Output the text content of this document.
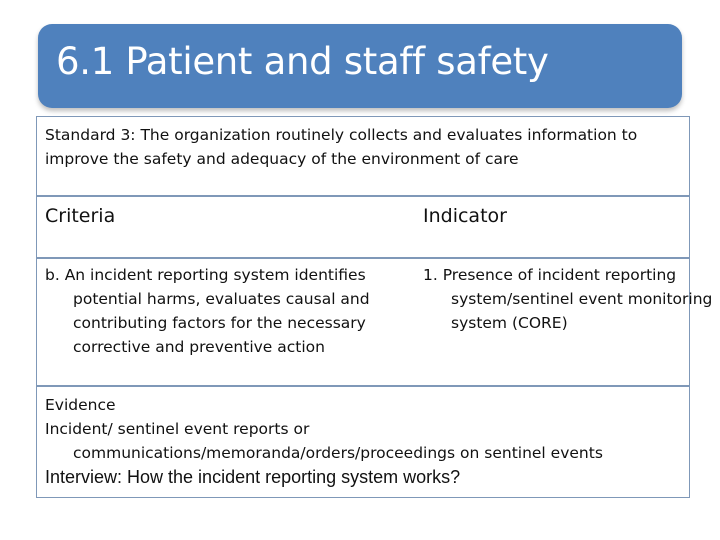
6.1 Patient and staff safety
Standard 3: The organization routinely collects and evaluates information to improve the safety and adequacy of the environment of care
Criteria	Indicator
b. An incident reporting system identifies potential harms, evaluates causal and contributing factors for the necessary corrective and preventive action
1. Presence of incident reporting system/sentinel event monitoring system (CORE)
Evidence
Incident/ sentinel event reports or
communications/memoranda/orders/proceedings on sentinel events
Interview: How the incident reporting system works?
